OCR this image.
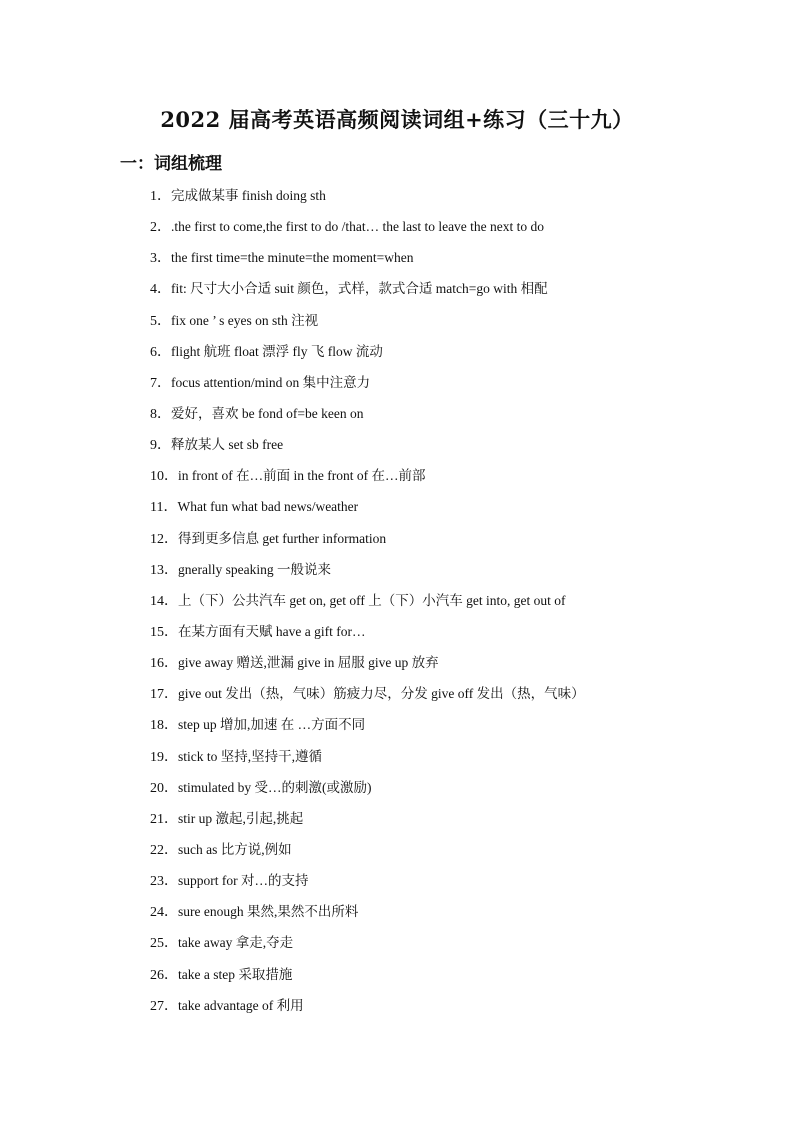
2022 届高考英语高频阅读词组+练习（三十九）
一：词组梳理
1．完成做某事 finish doing sth
2．.the first to come,the first to do /that… the last to leave the next to do
3．the first time=the minute=the moment=when
4．fit: 尺寸大小合适 suit 颜色，式样，款式合适 match=go with 相配
5．fix one ’ s eyes on sth 注视
6．flight 航班 float 漂浮 fly 飞 flow 流动
7．focus attention/mind on 集中注意力
8．爱好，喜欢 be fond of=be keen on
9．释放某人 set sb free
10．in front of 在…前面 in the front of 在…前部
11．What fun what bad news/weather
12．得到更多信息 get further information
13．gnerally speaking 一般说来
14．上（下）公共汽车 get on, get off 上（下）小汽车 get into, get out of
15．在某方面有天赋 have a gift for…
16．give away 赠送,泄漏 give in 屈服 give up 放弃
17．give out 发出（热，气味）筋疲力尽，分发 give off 发出（热，气味）
18．step up 增加,加速 在 …方面不同
19．stick to 坚持,坚持干,遵循
20．stimulated by 受…的刺激(或激励)
21．stir up 激起,引起,挑起
22．such as 比方说,例如
23．support for 对…的支持
24．sure enough 果然,果然不出所料
25．take away 拿走,夺走
26．take a step 采取措施
27．take advantage of 利用
